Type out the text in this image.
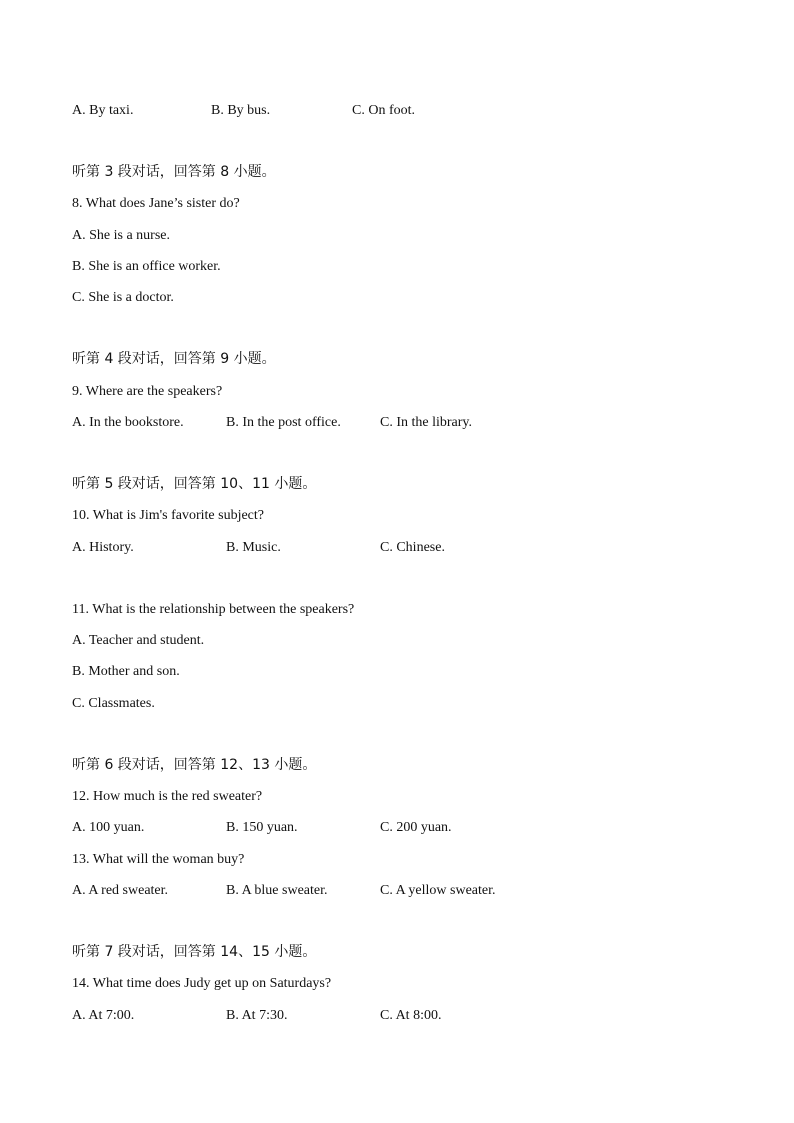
A. By taxi.	B. By bus.	C. On foot.
听第 3 段对话，回答第 8 小题。
8. What does Jane’s sister do?
A. She is a nurse.
B. She is an office worker.
C. She is a doctor.
听第 4 段对话，回答第 9 小题。
9. Where are the speakers?
A. In the bookstore.	B. In the post office.	C. In the library.
听第 5 段对话，回答第 10、11 小题。
10. What is Jim's favorite subject?
A. History.	B. Music.	C. Chinese.
11. What is the relationship between the speakers?
A. Teacher and student.
B. Mother and son.
C. Classmates.
听第 6 段对话，回答第 12、13 小题。
12. How much is the red sweater?
A. 100 yuan.	B. 150 yuan.	C. 200 yuan.
13. What will the woman buy?
A. A red sweater.	B. A blue sweater.	C. A yellow sweater.
听第 7 段对话，回答第 14、15 小题。
14. What time does Judy get up on Saturdays?
A. At 7:00.	B. At 7:30.	C. At 8:00.
